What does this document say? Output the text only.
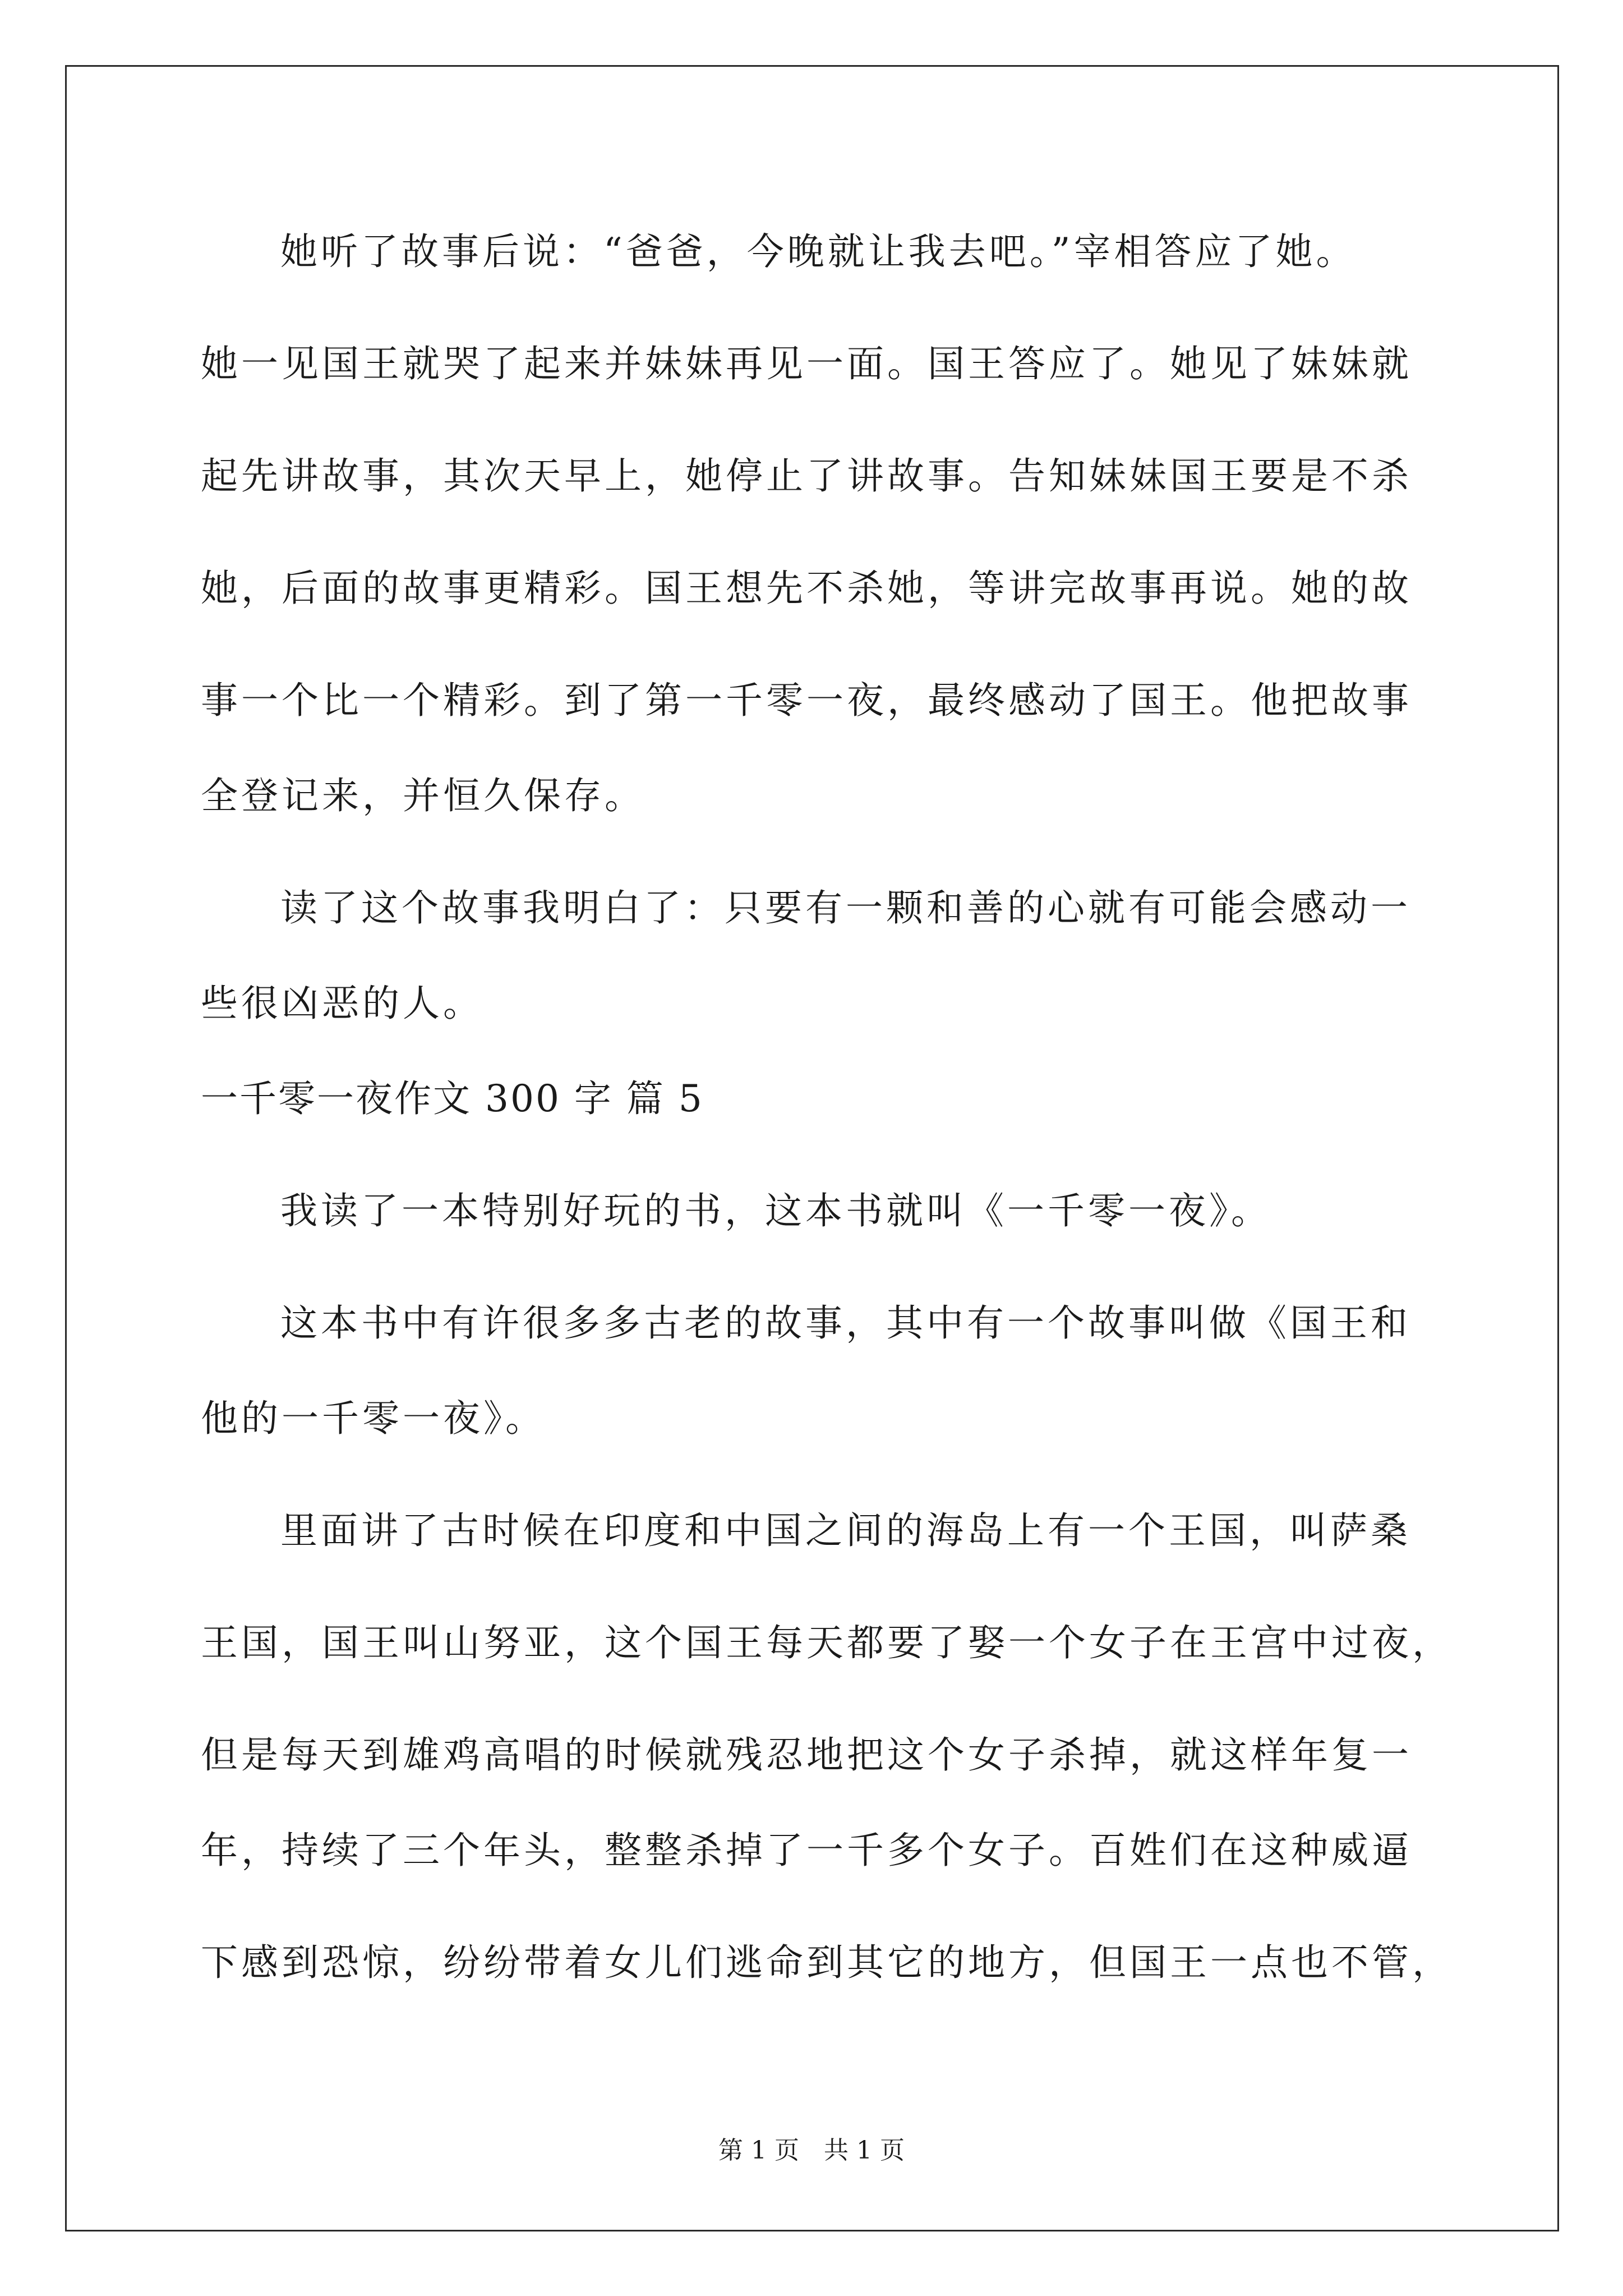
她听了故事后说：“爸爸，今晚就让我去吧。”宰相答应了她。
她一见国王就哭了起来并妹妹再见一面。国王答应了。她见了妹妹就
起先讲故事，其次天早上，她停止了讲故事。告知妹妹国王要是不杀
她，后面的故事更精彩。国王想先不杀她，等讲完故事再说。她的故
事一个比一个精彩。到了第一千零一夜，最终感动了国王。他把故事
全登记来，并恒久保存。
读了这个故事我明白了：只要有一颗和善的心就有可能会感动一
些很凶恶的人。
一千零一夜作文 300 字 篇 5
我读了一本特别好玩的书，这本书就叫《一千零一夜》。
这本书中有许很多多古老的故事，其中有一个故事叫做《国王和
他的一千零一夜》。
里面讲了古时候在印度和中国之间的海岛上有一个王国，叫萨桑
王国，国王叫山努亚，这个国王每天都要了娶一个女子在王宫中过夜，
但是每天到雄鸡高唱的时候就残忍地把这个女子杀掉，就这样年复一
年，持续了三个年头，整整杀掉了一千多个女子。百姓们在这种威逼
下感到恐惊，纷纷带着女儿们逃命到其它的地方，但国王一点也不管，
第 1 页　共 1 页
